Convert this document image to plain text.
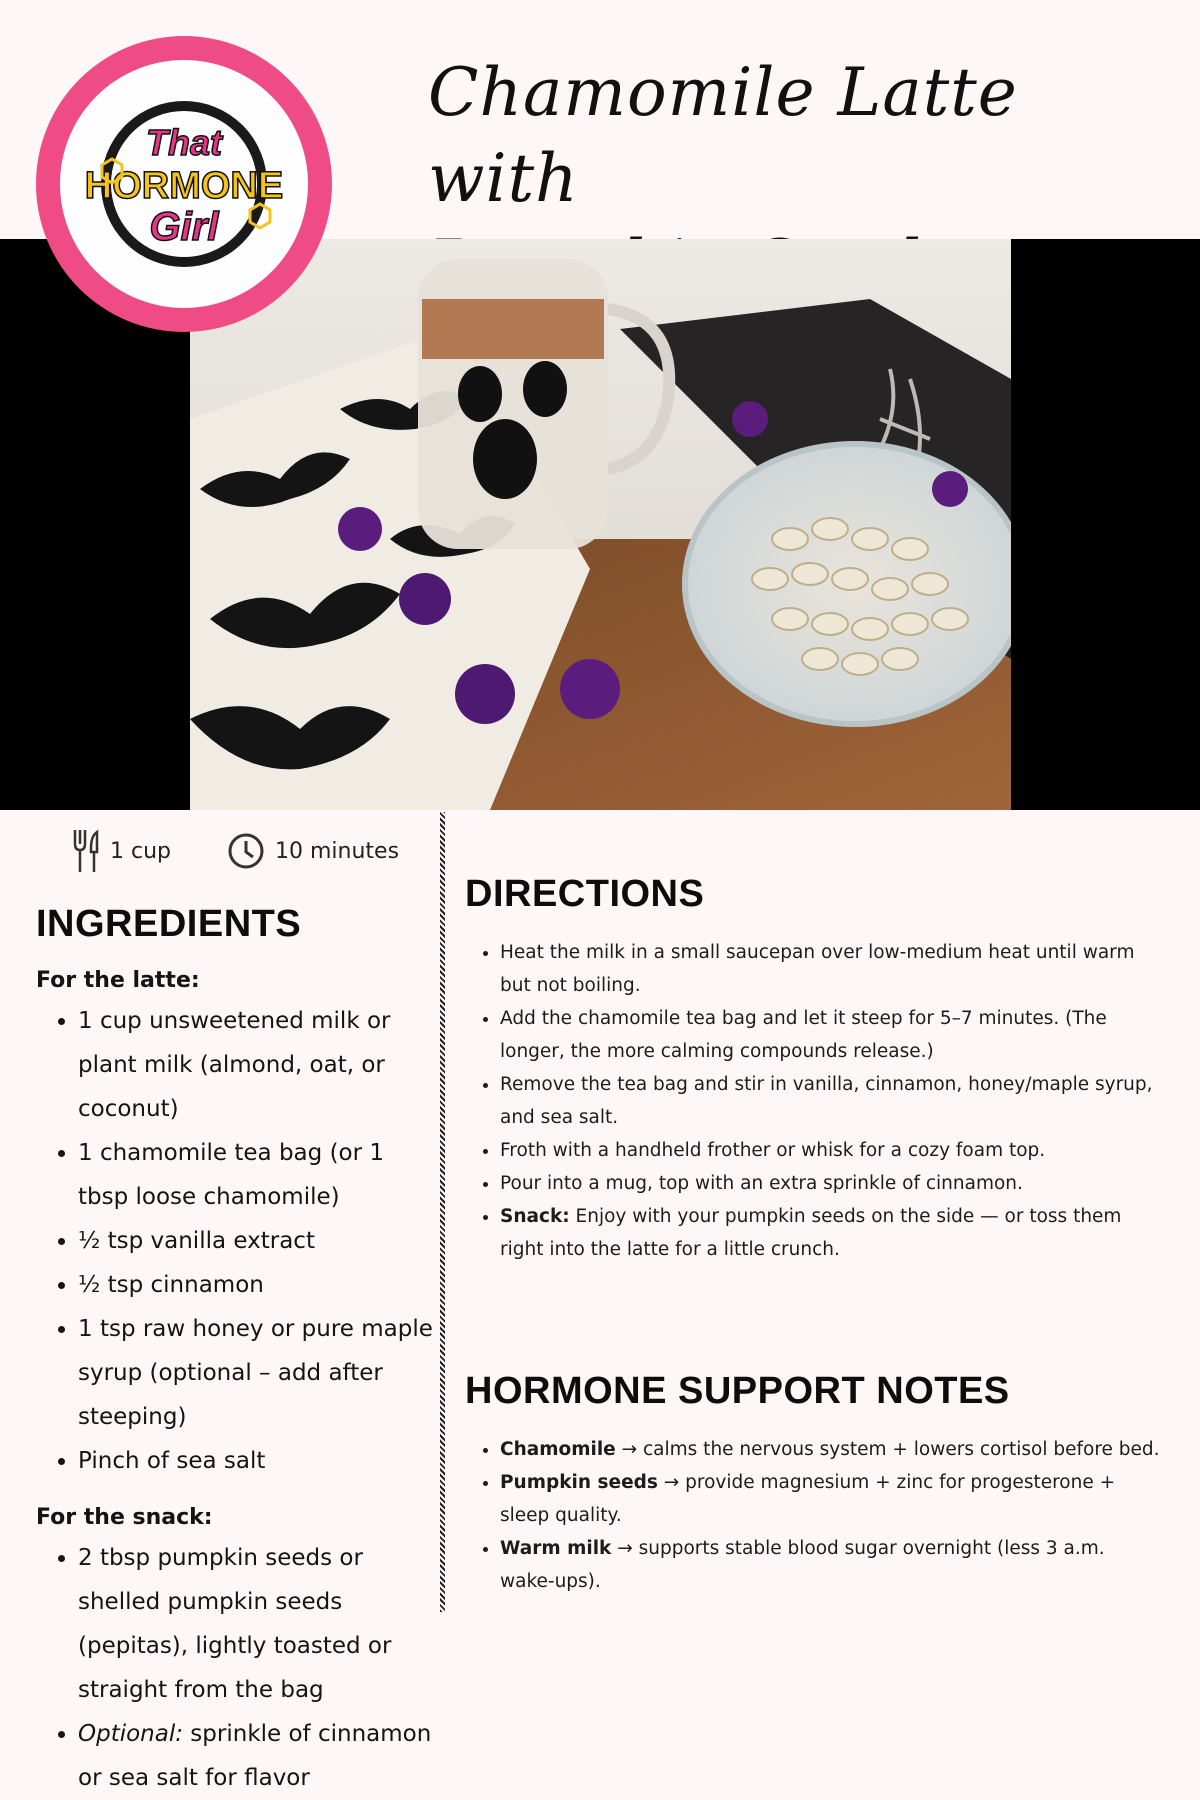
Chamomile Latte with
That
HORMONE
Girl
1 cup	10 minutes
INGREDIENTS
For the latte:
• 1 cup unsweetened milk or plant milk (almond, oat, or coconut)
• 1 chamomile tea bag (or 1 tbsp loose chamomile)
• ½ tsp vanilla extract
• ½ tsp cinnamon
• 1 tsp raw honey or pure maple syrup (optional – add after steeping)
• Pinch of sea salt
For the snack:
• 2 tbsp pumpkin seeds or shelled pumpkin seeds (pepitas), lightly toasted or straight from the bag
• Optional: sprinkle of cinnamon or sea salt for flavor
DIRECTIONS
• Heat the milk in a small saucepan over low-medium heat until warm but not boiling.
• Add the chamomile tea bag and let it steep for 5–7 minutes. (The longer, the more calming compounds release.)
• Remove the tea bag and stir in vanilla, cinnamon, honey/maple syrup, and sea salt.
• Froth with a handheld frother or whisk for a cozy foam top.
• Pour into a mug, top with an extra sprinkle of cinnamon.
• Snack: Enjoy with your pumpkin seeds on the side — or toss them right into the latte for a little crunch.
HORMONE SUPPORT NOTES
• Chamomile → calms the nervous system + lowers cortisol before bed.
• Pumpkin seeds → provide magnesium + zinc for progesterone + sleep quality.
• Warm milk → supports stable blood sugar overnight (less 3 a.m. wake-ups).
